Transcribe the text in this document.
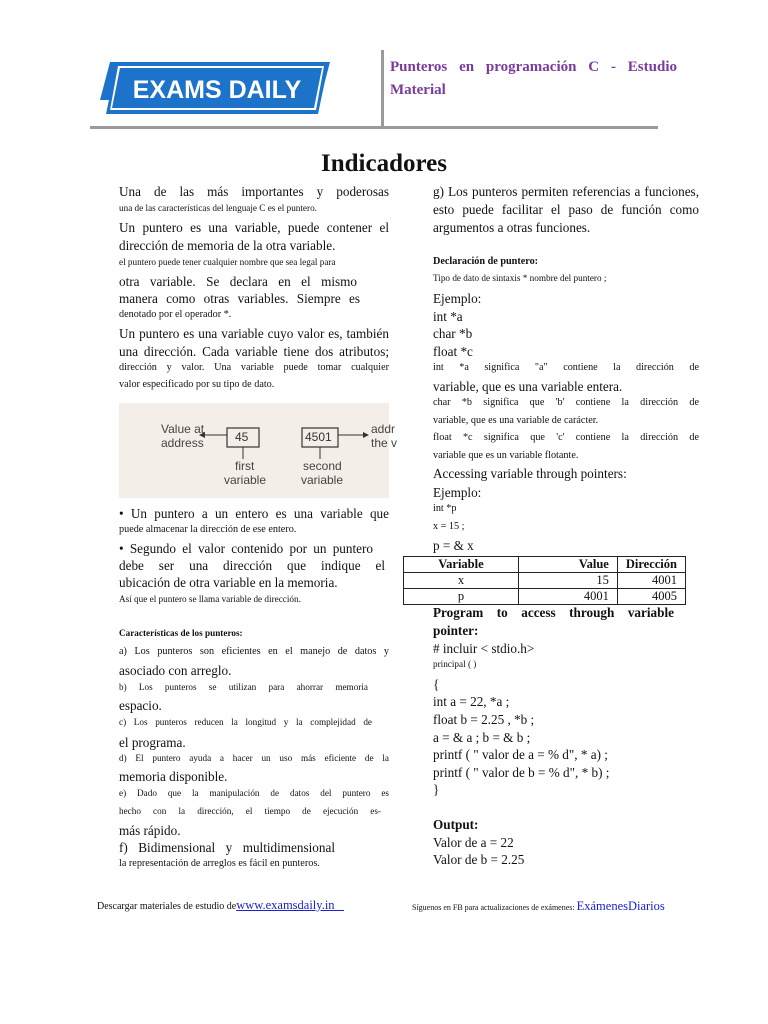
EXAMS DAILY
Punteros en programación C - Estudio Material
Indicadores
Una de las más importantes y poderosas
una de las características del lenguaje C es el puntero.
Un puntero es una variable, puede contener el
dirección de memoria de la otra variable.
el puntero puede tener cualquier nombre que sea legal para
otra variable. Se declara en el mismo
manera como otras variables. Siempre es
denotado por el operador *.
Un puntero es una variable cuyo valor es, también
una dirección. Cada variable tiene dos atributos;
dirección y valor. Una variable puede tomar cualquier
valor especificado por su tipo de dato.
Value at
address	45	4501
addr
the v
first
variable
second
variable
• Un puntero a un entero es una variable que
puede almacenar la dirección de ese entero.
• Segundo el valor contenido por un puntero
debe ser una dirección que indique el
ubicación de otra variable en la memoria.
Así que el puntero se llama variable de dirección.
Características de los punteros:
a) Los punteros son eficientes en el manejo de datos y
asociado con arreglo.
b) Los punteros se utilizan para ahorrar memoria
espacio.
c) Los punteros reducen la longitud y la complejidad de
el programa.
d) El puntero ayuda a hacer un uso más eficiente de la
memoria disponible.
e) Dado que la manipulación de datos del puntero es
hecho con la dirección, el tiempo de ejecución es-
más rápido.
f) Bidimensional y multidimensional
la representación de arreglos es fácil en punteros.
g) Los punteros permiten referencias a funciones,
esto puede facilitar el paso de función como
argumentos a otras funciones.
Declaración de puntero:
Tipo de dato de sintaxis * nombre del puntero ;
Ejemplo:
int *a
char *b
float *c
int *a significa "a" contiene la dirección de
variable, que es una variable entera.
char *b significa que 'b' contiene la dirección de
variable, que es una variable de carácter.
float *c significa que 'c' contiene la dirección de
variable que es un variable flotante.
Accessing variable through pointers:
Ejemplo:
int *p
x = 15 ;
p = & x
Variable	Value	Dirección
x	15	4001
p	4001	4005
Program to access through variable
pointer:
# incluir < stdio.h>
principal ( )
{
int a = 22, *a ;
float b = 2.25 , *b ;
a = & a ; b = & b ;
printf ( " valor de a = % d", * a) ;
printf ( " valor de b = % d", * b) ;
}
Output:
Valor de a = 22
Valor de b = 2.25
Descargar materiales de estudio dewww.examsdaily.in	Síguenos en FB para actualizaciones de exámenes: ExámenesDiarios
